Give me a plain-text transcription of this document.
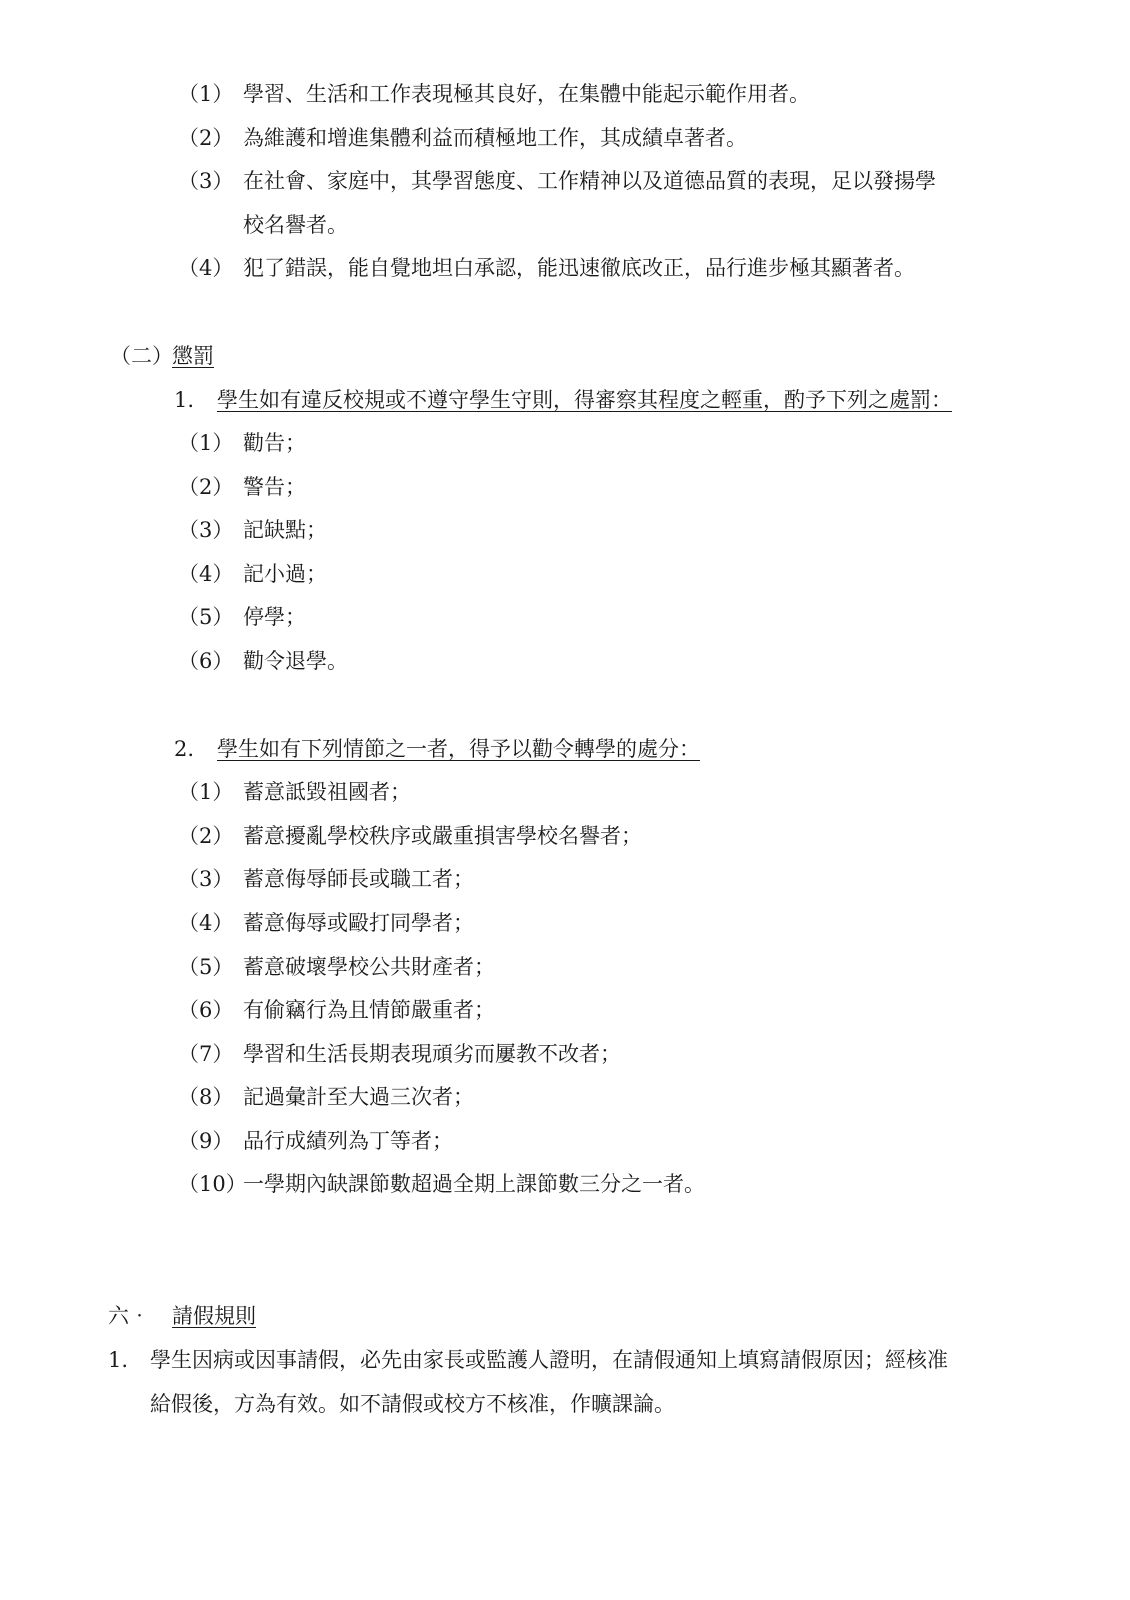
（1） 學習、生活和工作表現極其良好，在集體中能起示範作用者。
（2） 為維護和增進集體利益而積極地工作，其成績卓著者。
（3） 在社會、家庭中，其學習態度、工作精神以及道德品質的表現，足以發揚學
校名譽者。
（4） 犯了錯誤，能自覺地坦白承認，能迅速徹底改正，品行進步極其顯著者。
（二） 懲罰
1. 學生如有違反校規或不遵守學生守則，得審察其程度之輕重，酌予下列之處罰：
（1） 勸告；
（2） 警告；
（3） 記缺點；
（4） 記小過；
（5） 停學；
（6） 勸令退學。
2. 學生如有下列情節之一者，得予以勸令轉學的處分：
（1） 蓄意詆毀祖國者；
（2） 蓄意擾亂學校秩序或嚴重損害學校名譽者；
（3） 蓄意侮辱師長或職工者；
（4） 蓄意侮辱或毆打同學者；
（5） 蓄意破壞學校公共財產者；
（6） 有偷竊行為且情節嚴重者；
（7） 學習和生活長期表現頑劣而屢教不改者；
（8） 記過彙計至大過三次者；
（9） 品行成績列為丁等者；
（10）
一學期內缺課節數超過全期上課節數三分之一者。
六‧ 請假規則
1. 學生因病或因事請假，必先由家長或監護人證明，在請假通知上填寫請假原因；經核准
給假後，方為有效。如不請假或校方不核准，作曠課論。
